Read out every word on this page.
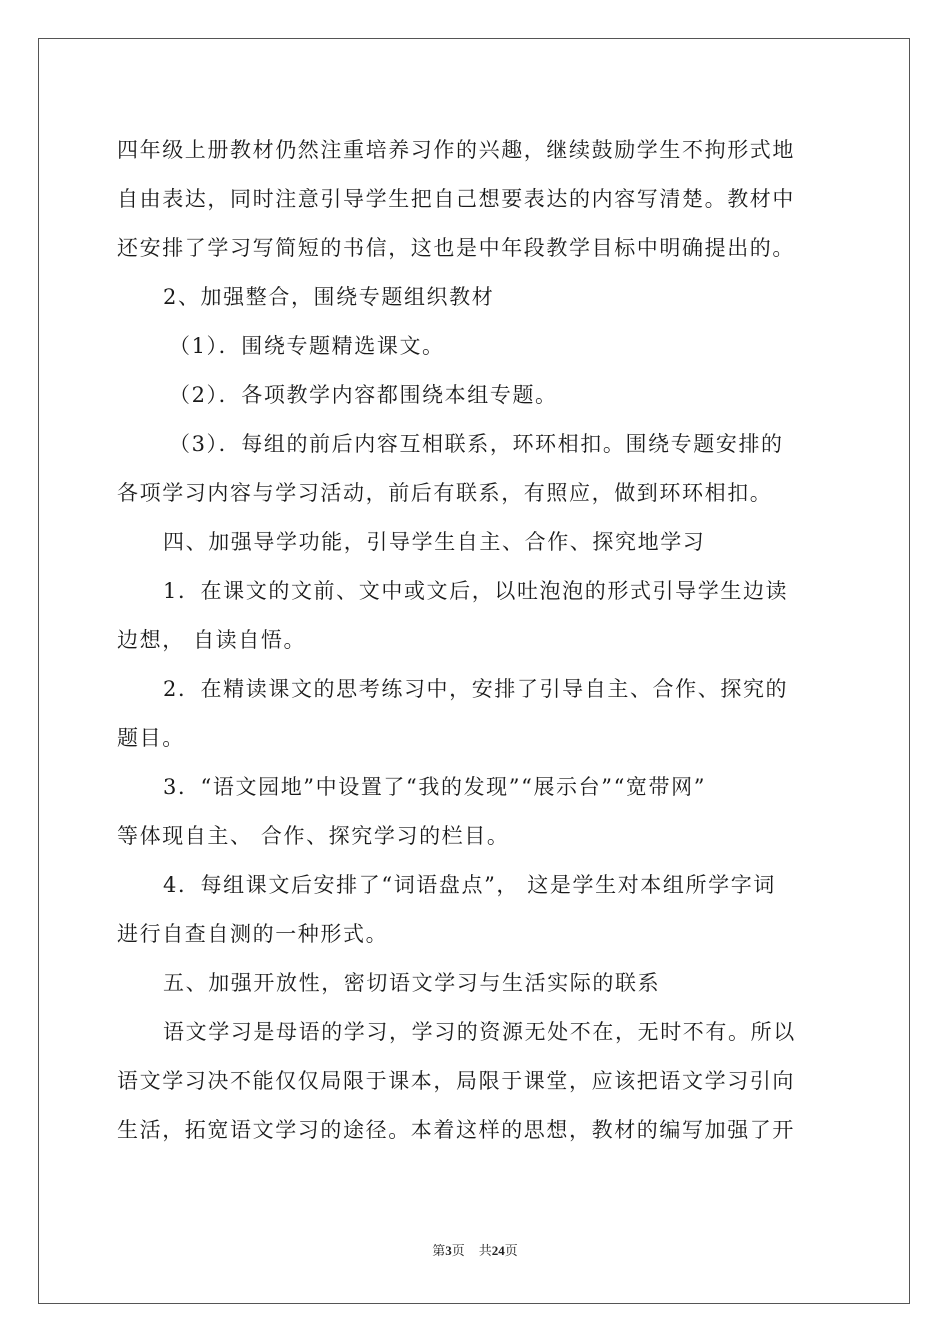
四年级上册教材仍然注重培养习作的兴趣，继续鼓励学生不拘形式地
自由表达，同时注意引导学生把自己想要表达的内容写清楚。教材中
还安排了学习写简短的书信，这也是中年段教学目标中明确提出的。
2、加强整合，围绕专题组织教材
（1）．围绕专题精选课文。
（2）．各项教学内容都围绕本组专题。
（3）．每组的前后内容互相联系，环环相扣。围绕专题安排的
各项学习内容与学习活动，前后有联系，有照应，做到环环相扣。
四、加强导学功能，引导学生自主、合作、探究地学习
1．在课文的文前、文中或文后，以吐泡泡的形式引导学生边读
边想， 自读自悟。
2．在精读课文的思考练习中，安排了引导自主、合作、探究的
题目。
3．“语文园地”中设置了“我的发现”“展示台”“宽带网”
等体现自主、 合作、探究学习的栏目。
4．每组课文后安排了“词语盘点”， 这是学生对本组所学字词
进行自查自测的一种形式。
五、加强开放性，密切语文学习与生活实际的联系
语文学习是母语的学习，学习的资源无处不在，无时不有。所以
语文学习决不能仅仅局限于课本，局限于课堂，应该把语文学习引向
生活，拓宽语文学习的途径。本着这样的思想，教材的编写加强了开
第3页 共24页
